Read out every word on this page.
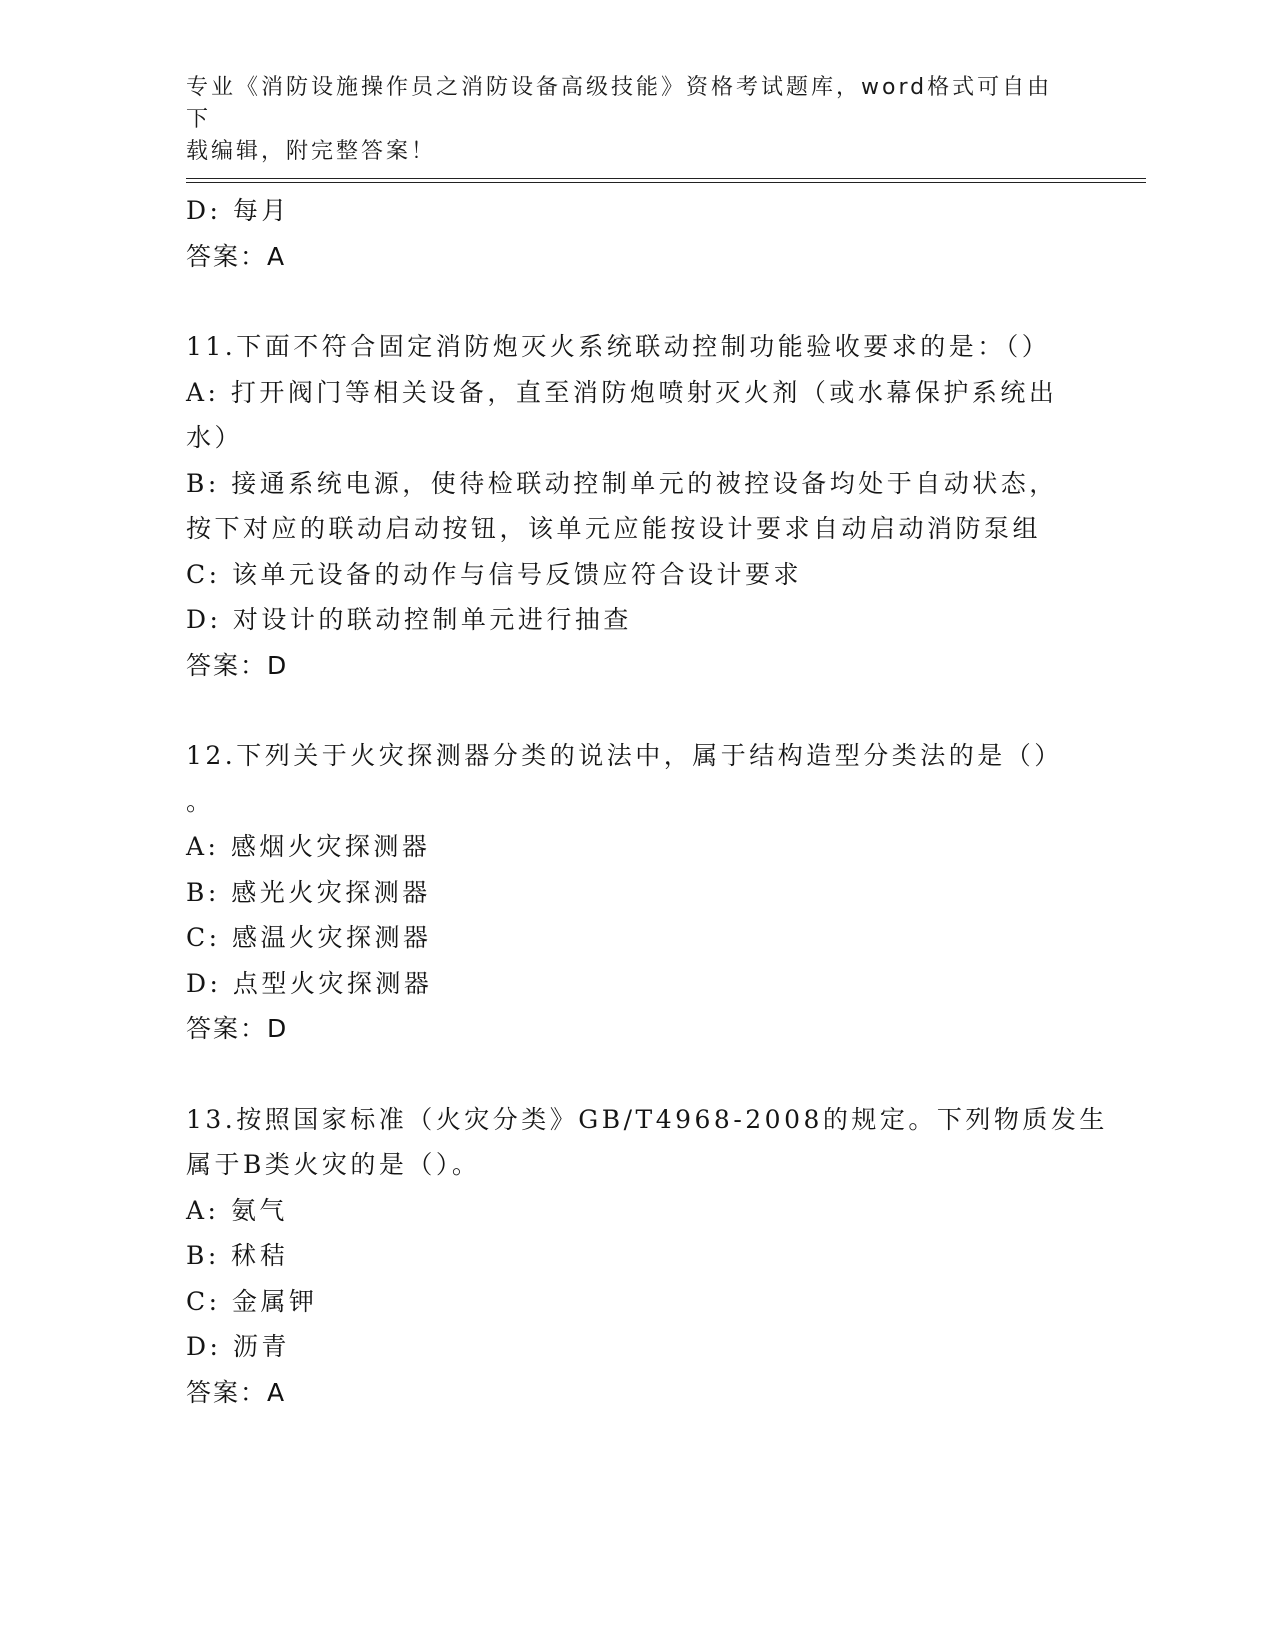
专业《消防设施操作员之消防设备高级技能》资格考试题库，word格式可自由下
载编辑，附完整答案！
D: 每月
答案：A
11.下面不符合固定消防炮灭火系统联动控制功能验收要求的是：（）
A: 打开阀门等相关设备，直至消防炮喷射灭火剂（或水幕保护系统出
水）
B: 接通系统电源，使待检联动控制单元的被控设备均处于自动状态，
按下对应的联动启动按钮，该单元应能按设计要求自动启动消防泵组
C: 该单元设备的动作与信号反馈应符合设计要求
D: 对设计的联动控制单元进行抽查
答案：D
12.下列关于火灾探测器分类的说法中，属于结构造型分类法的是（）
。
A: 感烟火灾探测器
B: 感光火灾探测器
C: 感温火灾探测器
D: 点型火灾探测器
答案：D
13.按照国家标准（火灾分类》GB/T4968-2008的规定。下列物质发生
属于B类火灾的是（）。
A: 氨气
B: 秫秸
C: 金属钾
D: 沥青
答案：A
